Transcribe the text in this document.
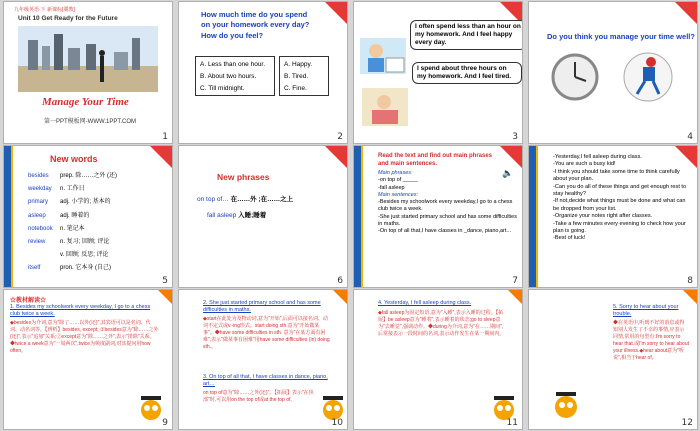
九年级英语·下 新课标[冀教]
Unit 10 Get Ready for the Future
Manage Your Time
第一PPT模板网-WWW.1PPT.COM
1
How much time do you spend
on your homework every day?
How do you feel?
A. Less than one hour.
B. About two hours.
C. Till midnight.
A. Happy.
B. Tired.
C. Fine.
2
I often spend less than an hour on my homework. And I feel happy every day.
I spend about three hours on my homework. And I feel tired.
3
Do you think you manage your time well?
4
New words
besides prep. 除……之外 (还)
weekday n. 工作日
primary adj. 小学的; 基本的
asleep adj. 睡着的
notebook n. 笔记本
review n. 复习; 回顾; 评论
v. 回顾; 反思; 评论
itself	pron. 它本身 (自己)
5
New phrases
on top of… 在……外 ;在……之上
fall asleep 入睡;睡着
6
Read the text and find out main phrases and main sentences.
🔈
Main phrases:
-on top of _____
-fall asleep
Main sentences:
-Besides my schoolwork every weekday,I go to a chess club twice a week.
-She just started primary school and has some difficulties in maths.
-On top of all that,I have classes in _dance, piano,art...
7
-Yesterday,I fell asleep during class.
-You are such a busy kid!
-I think you should take some time to think carefully about your plan.
-Can you do all of these things and get enough rest to stay healthy?
-If not,decide what things must be done and what can be dropped from your list.
-Organize your notes right after classes.
-Take a few minutes every evening to check how your plan is going.
-Best of luck!
8
☆教材解读☆
1. Besides my schoolwork every weekday, I go to a chess club twice a week.
◆besides为介词,意为"除了……以外(还)",其宾语可以是名词、代词、动名词等。【辨析】besides, except; ①besides意为"除……之外(还)",表示"追加"关系;②except意为"除……之外",表示"排除"关系。◆twice a week意为"一周两次",twice为频度副词,对其提问用how often。
9
2. She just started primary school and has some difficulties in maths.
◆start在此处为及物动词,意为"开始",后面可以接名词、动词不定式或v.-ing形式。start doing sth.意为"开始做某事"。◆have some difficulties in sth. 意为"在某方面有困难",表示"做某事有困难"用have some difficulties (in) doing sth.。
3. On top of all that, I have classes in dance, piano, art…
on top of意为"除……之外(还)"。【拓展】表示"在顶部"时,可以用on the top of或at the top of。
10
4. Yesterday, I fell asleep during class.
◆fall asleep为固定短语,意为"入睡",表示入睡的过程。【拓展】be asleep意为"睡着",表示睡着的状态;go to sleep意为"去睡觉",强调动作。◆during为介词,意为"在……期间",后常接表示一段时间的名词,表示动作发生在某一期间内。
11
5. Sorry to hear about your trouble.
◆在英语中,听到不好的消息或得知别人发生了不幸的事情,应表示同情,常用的句型有:I'm sorry to hear that.或I'm sorry to hear about your illness.◆hear about意为"听说",相当于hear of。
12
